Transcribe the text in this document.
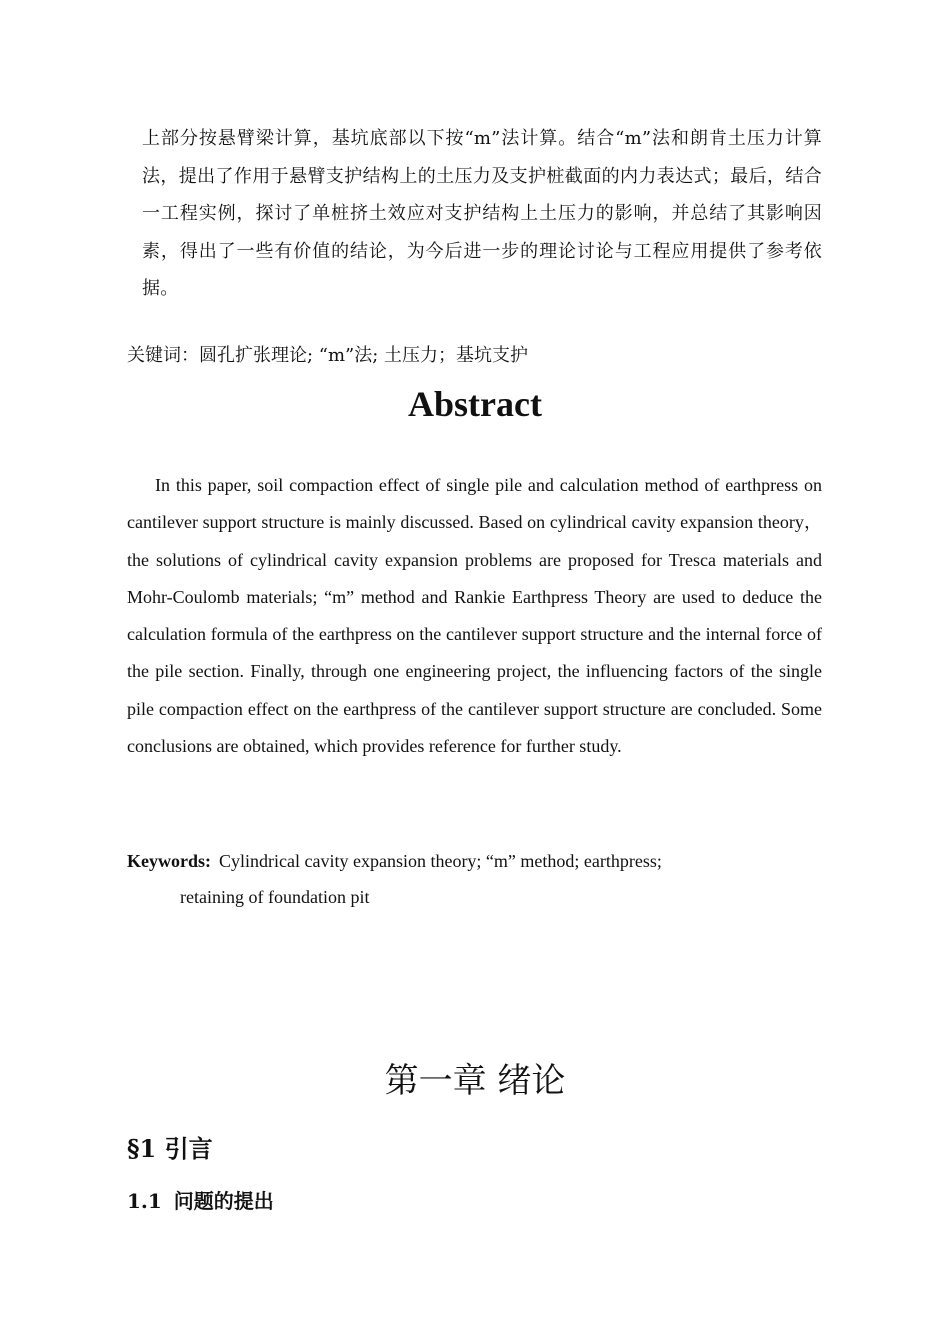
上部分按悬臂梁计算，基坑底部以下按“m”法计算。结合“m”法和朗肯土压力计算法，提出了作用于悬臂支护结构上的土压力及支护桩截面的内力表达式；最后，结合一工程实例，探讨了单桩挤土效应对支护结构上土压力的影响，并总结了其影响因素，得出了一些有价值的结论，为今后进一步的理论讨论与工程应用提供了参考依据。

关键词：圆孔扩张理论; “m”法; 土压力；基坑支护
Abstract

In this paper, soil compaction effect of single pile and calculation method of earthpress on cantilever support structure is mainly discussed. Based on cylindrical cavity expansion theory， the solutions of cylindrical cavity expansion problems are proposed for Tresca materials and Mohr-Coulomb materials; “m” method and Rankie Earthpress Theory are used to deduce the calculation formula of the earthpress on the cantilever support structure and the internal force of the pile section. Finally, through one engineering project, the influencing factors of the single pile compaction effect on the earthpress of the cantilever support structure are concluded. Some conclusions are obtained, which provides reference for further study.

Keywords: Cylindrical cavity expansion theory; “m” method; earthpress;
retaining of foundation pit
第一章 绪论
§1 引言
1.1 问题的提出
